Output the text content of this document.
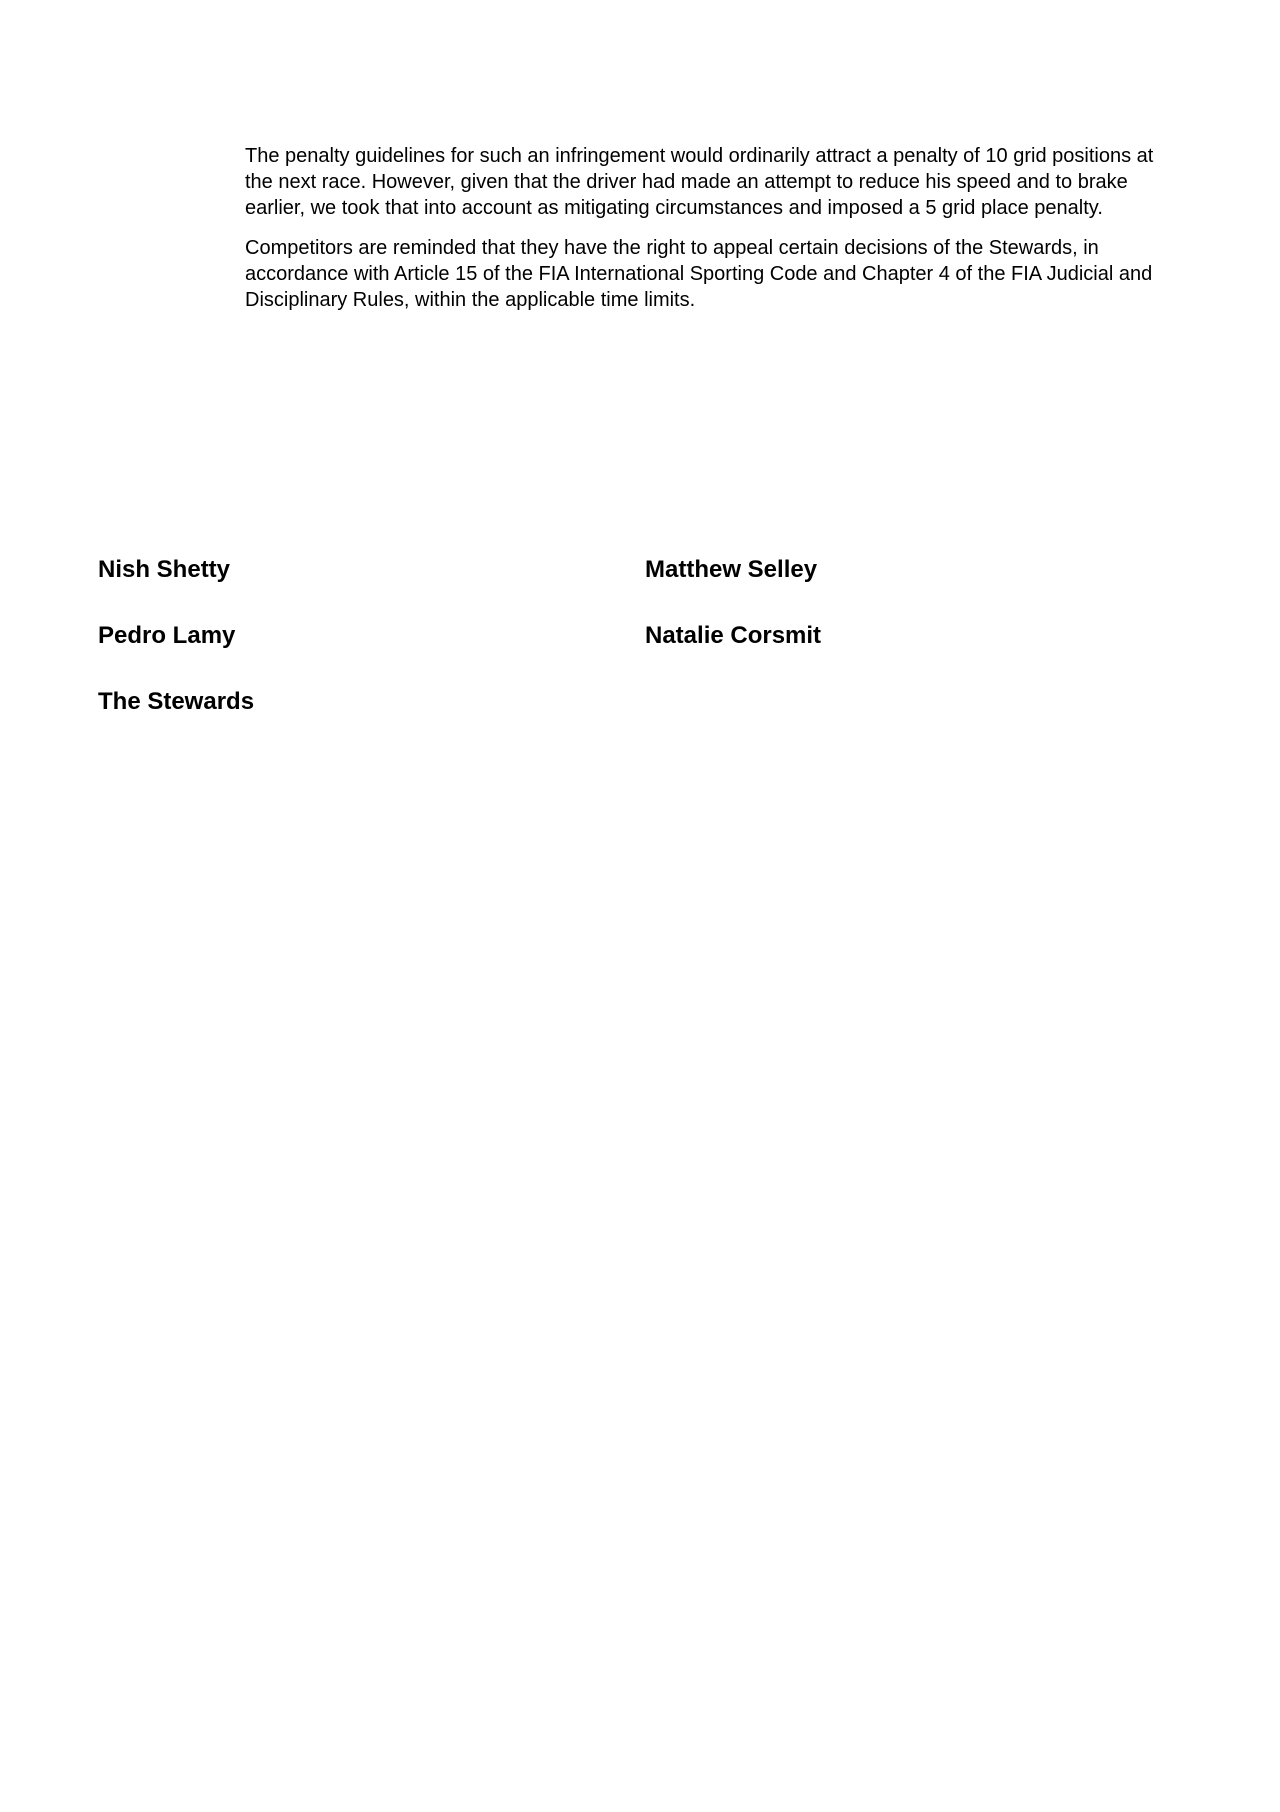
The penalty guidelines for such an infringement would ordinarily attract a penalty of 10 grid positions at the next race. However, given that the driver had made an attempt to reduce his speed and to brake earlier, we took that into account as mitigating circumstances and imposed a 5 grid place penalty.

Competitors are reminded that they have the right to appeal certain decisions of the Stewards, in accordance with Article 15 of the FIA International Sporting Code and Chapter 4 of the FIA Judicial and Disciplinary Rules, within the applicable time limits.

Nish Shetty	Matthew Selley
Pedro Lamy	Natalie Corsmit
The Stewards
